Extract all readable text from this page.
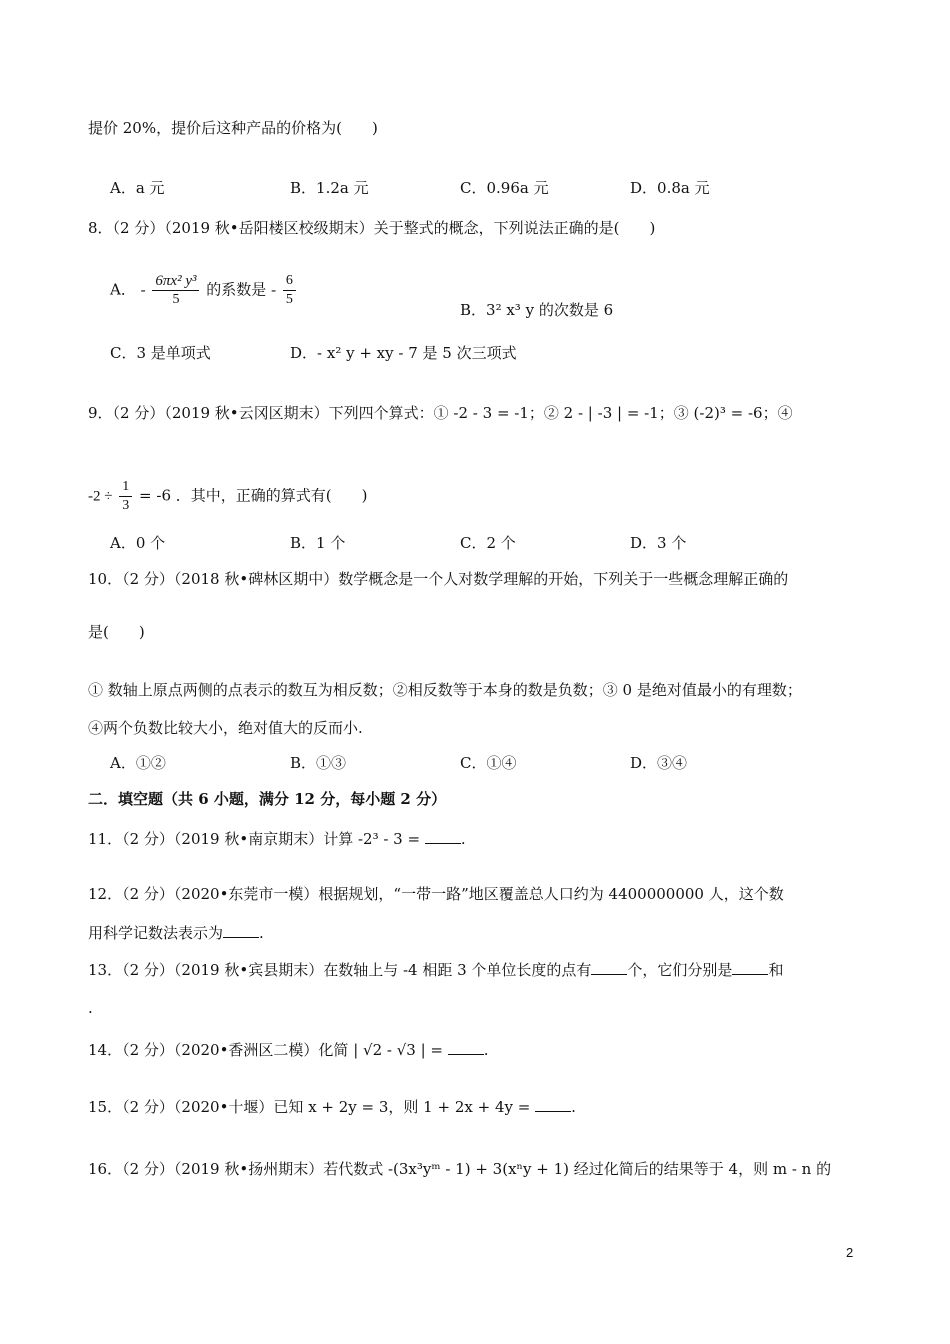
提价 20%，提价后这种产品的价格为(　　)
A．a 元	B．1.2a 元	C．0.96a 元	D．0.8a 元
8．（2 分）（2019 秋•岳阳楼区校级期末）关于整式的概念，下列说法正确的是(　　)
A． - $\frac{\text{6πx² y³}}{5}$ 的系数是 - $\frac{6}{5}$
B．3² x³ y 的次数是 6
C．3 是单项式	D．- x² y + xy - 7 是 5 次三项式
9．（2 分）（2019 秋•云冈区期末）下列四个算式：① -2 - 3 = -1；② 2 - | -3 | = -1；③ (-2)³ = -6；④
$-2 \div \frac{1}{3} = -6$ ．其中，正确的算式有(　　)
A．0 个	B．1 个	C．2 个	D．3 个
10．（2 分）（2018 秋•碑林区期中）数学概念是一个人对数学理解的开始，下列关于一些概念理解正确的
是(　　)
① 数轴上原点两侧的点表示的数互为相反数；②相反数等于本身的数是负数；③ 0 是绝对值最小的有理数；
④两个负数比较大小，绝对值大的反而小.
A．①②	B．①③	C．①④	D．③④
二．填空题（共 6 小题，满分 12 分，每小题 2 分）
11．（2 分）（2019 秋•南京期末）计算 -2³ - 3 = .
12．（2 分）（2020•东莞市一模）根据规划，“一带一路”地区覆盖总人口约为 4400000000 人，这个数
用科学记数法表示为 .
13．（2 分）（2019 秋•宾县期末）在数轴上与 -4 相距 3 个单位长度的点有 个，它们分别是 和
.
14．（2 分）（2020•香洲区二模）化简 | √2 - √3 | = .
15．（2 分）（2020•十堰）已知 x + 2y = 3，则 1 + 2x + 4y = .
16．（2 分）（2019 秋•扬州期末）若代数式 -(3x³yᵐ - 1) + 3(xⁿy + 1) 经过化简后的结果等于 4，则 m - n 的
2
